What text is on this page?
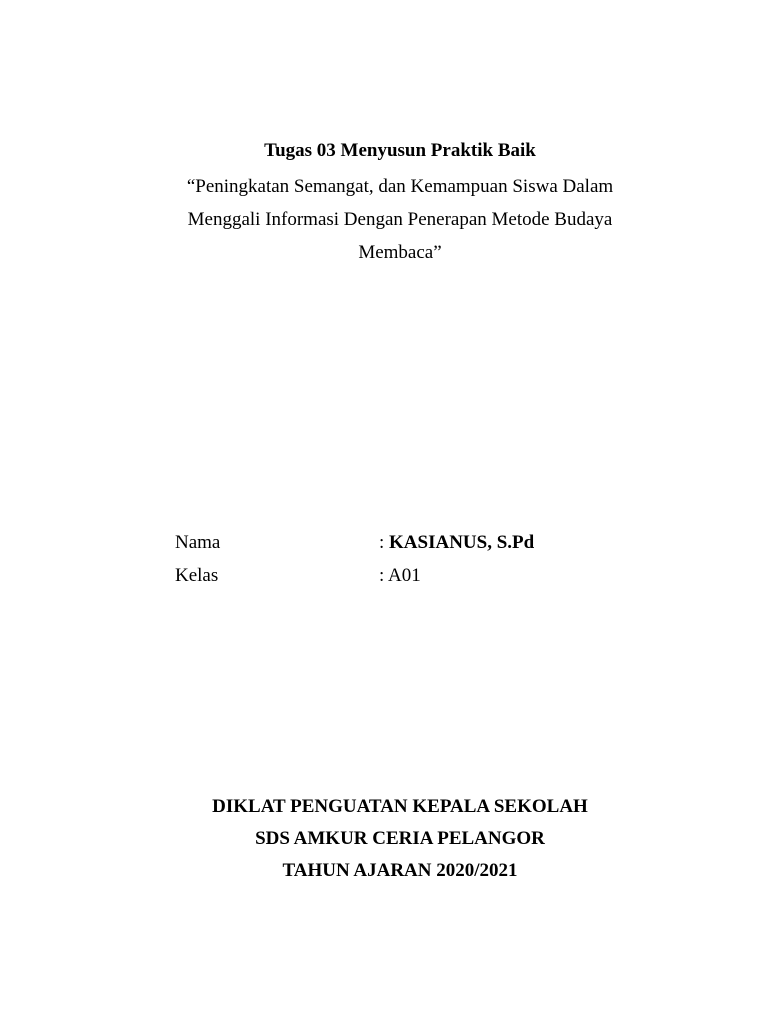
Tugas 03 Menyusun Praktik Baik
“Peningkatan Semangat, dan Kemampuan Siswa Dalam
Menggali Informasi Dengan Penerapan Metode Budaya
Membaca”
Nama	: KASIANUS, S.Pd
Kelas	: A01
DIKLAT PENGUATAN KEPALA SEKOLAH
SDS AMKUR CERIA PELANGOR
TAHUN AJARAN 2020/2021
